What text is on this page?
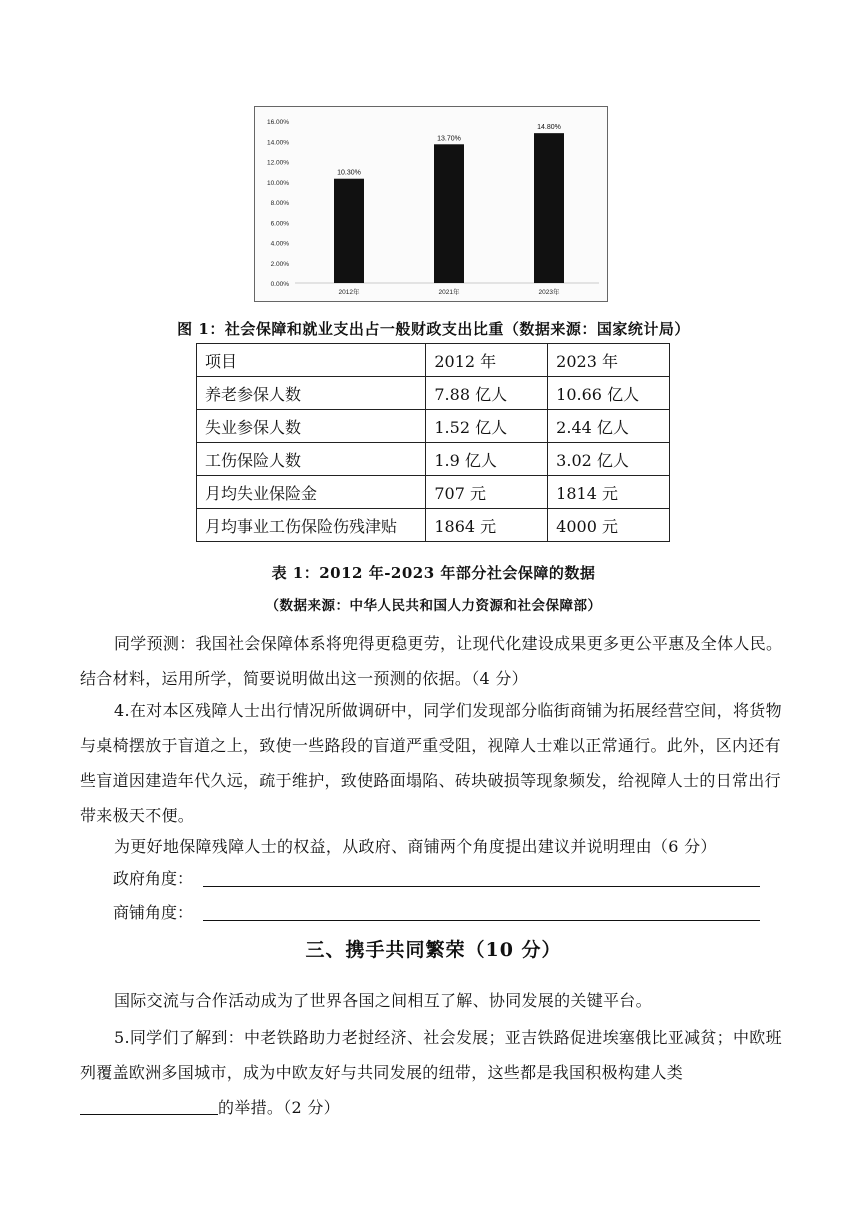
0.00%
2.00%
4.00%
6.00%
8.00%
10.00%
12.00%
14.00%
16.00%
10.30%
2012年
13.70%
2021年
14.80%
2023年
图 1：社会保障和就业支出占一般财政支出比重（数据来源：国家统计局）
项目	2012 年	2023 年
养老参保人数	7.88 亿人	10.66 亿人
失业参保人数	1.52 亿人	2.44 亿人
工伤保险人数	1.9 亿人	3.02 亿人
月均失业保险金	707 元	1814 元
月均事业工伤保险伤残津贴	1864 元	4000 元
表 1：2012 年-2023 年部分社会保障的数据
（数据来源：中华人民共和国人力资源和社会保障部）

同学预测：我国社会保障体系将兜得更稳更劳，让现代化建设成果更多更公平惠及全体人民。结合材料，运用所学，简要说明做出这一预测的依据。（4 分）

4.在对本区残障人士出行情况所做调研中，同学们发现部分临街商铺为拓展经营空间，将货物与桌椅摆放于盲道之上，致使一些路段的盲道严重受阻，视障人士难以正常通行。此外，区内还有些盲道因建造年代久远，疏于维护，致使路面塌陷、砖块破损等现象频发，给视障人士的日常出行带来极天不便。

为更好地保障残障人士的权益，从政府、商铺两个角度提出建议并说明理由（6 分）

政府角度：
商铺角度：
三、携手共同繁荣（10 分）

国际交流与合作活动成为了世界各国之间相互了解、协同发展的关键平台。

5.同学们了解到：中老铁路助力老挝经济、社会发展；亚吉铁路促进埃塞俄比亚减贫；中欧班列覆盖欧洲多国城市，成为中欧友好与共同发展的纽带，这些都是我国积极构建人类
的举措。（2 分）
